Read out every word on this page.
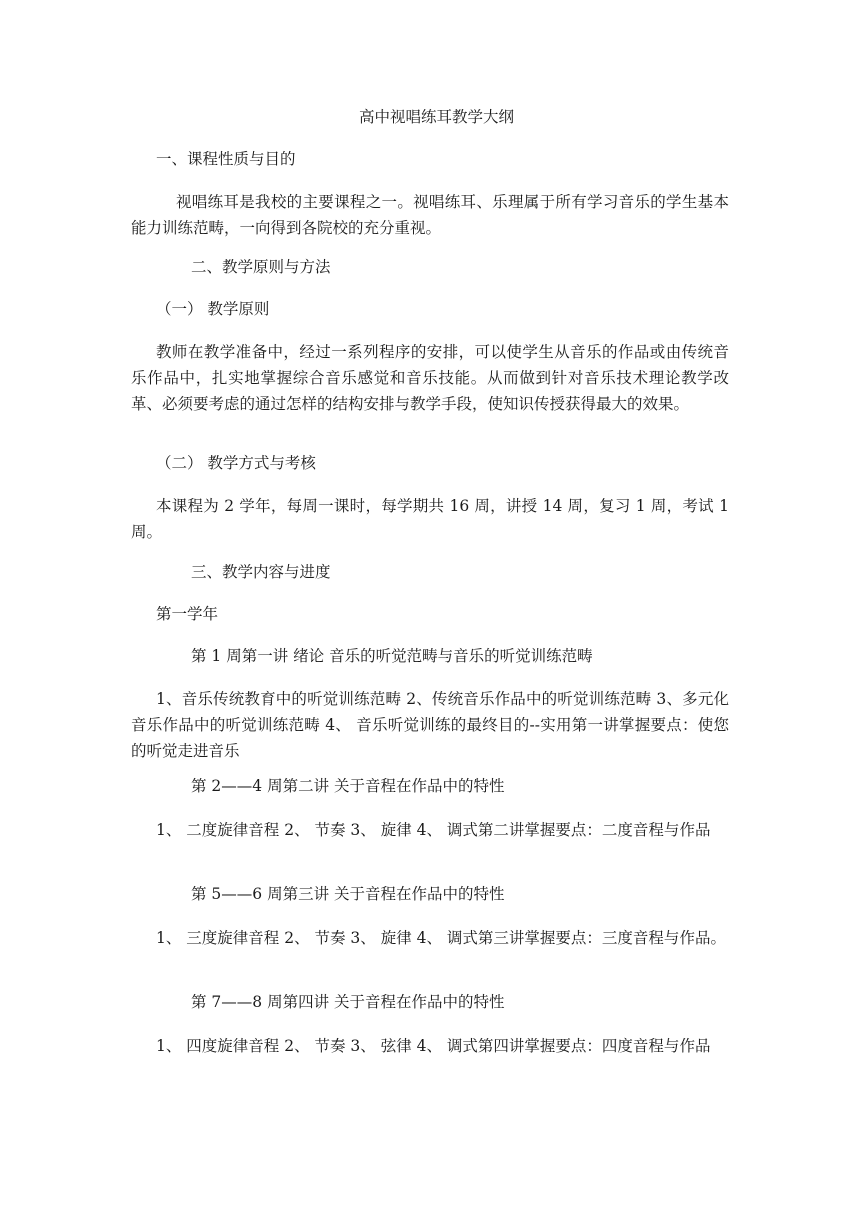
高中视唱练耳教学大纲
一、课程性质与目的
视唱练耳是我校的主要课程之一。视唱练耳、乐理属于所有学习音乐的学生基本能力训练范畴，一向得到各院校的充分重视。
二、教学原则与方法
（一） 教学原则
教师在教学准备中，经过一系列程序的安排，可以使学生从音乐的作品或由传统音乐作品中，扎实地掌握综合音乐感觉和音乐技能。从而做到针对音乐技术理论教学改革、必须要考虑的通过怎样的结构安排与教学手段，使知识传授获得最大的效果。
（二） 教学方式与考核
本课程为 2 学年，每周一课时，每学期共 16 周，讲授 14 周，复习 1 周，考试 1 周。
三、教学内容与进度
第一学年
第 1 周第一讲 绪论 音乐的听觉范畴与音乐的听觉训练范畴
1、音乐传统教育中的听觉训练范畴 2、传统音乐作品中的听觉训练范畴 3、多元化音乐作品中的听觉训练范畴 4、 音乐听觉训练的最终目的--实用第一讲掌握要点：使您的听觉走进音乐
第 2——4 周第二讲 关于音程在作品中的特性
1、 二度旋律音程 2、 节奏 3、 旋律 4、 调式第二讲掌握要点：二度音程与作品
第 5——6 周第三讲 关于音程在作品中的特性
1、 三度旋律音程 2、 节奏 3、 旋律 4、 调式第三讲掌握要点：三度音程与作品。
第 7——8 周第四讲 关于音程在作品中的特性
1、 四度旋律音程 2、 节奏 3、 弦律 4、 调式第四讲掌握要点：四度音程与作品
